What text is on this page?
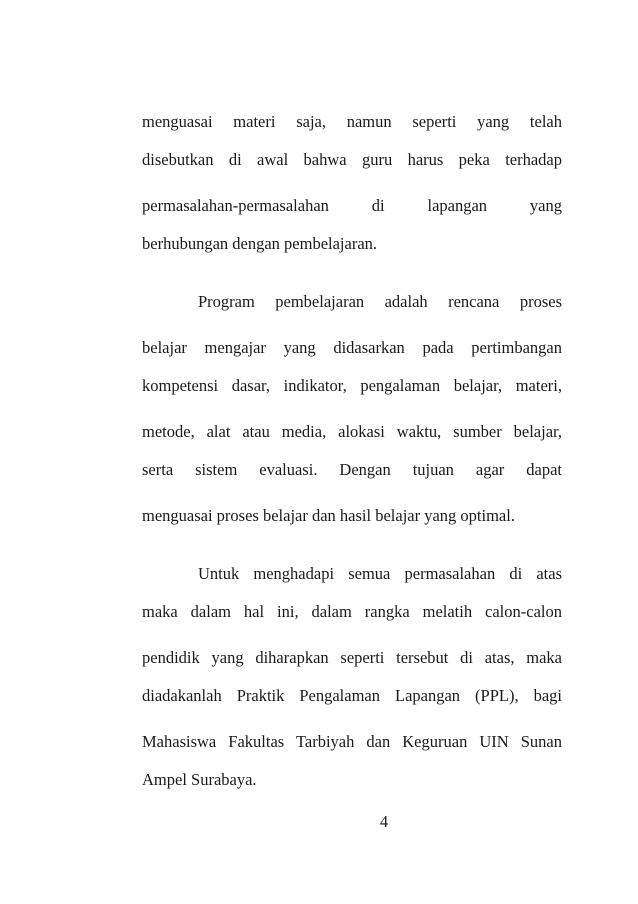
menguasai materi saja, namun seperti yang telah
disebutkan di awal bahwa guru harus peka terhadap
permasalahan-permasalahan di lapangan yang
berhubungan dengan pembelajaran.
Program pembelajaran adalah rencana proses
belajar mengajar yang didasarkan pada pertimbangan
kompetensi dasar, indikator, pengalaman belajar, materi,
metode, alat atau media, alokasi waktu, sumber belajar,
serta sistem evaluasi. Dengan tujuan agar dapat
menguasai proses belajar dan hasil belajar yang optimal.
Untuk menghadapi semua permasalahan di atas
maka dalam hal ini, dalam rangka melatih calon-calon
pendidik yang diharapkan seperti tersebut di atas, maka
diadakanlah Praktik Pengalaman Lapangan (PPL), bagi
Mahasiswa Fakultas Tarbiyah dan Keguruan UIN Sunan
Ampel Surabaya.
4
